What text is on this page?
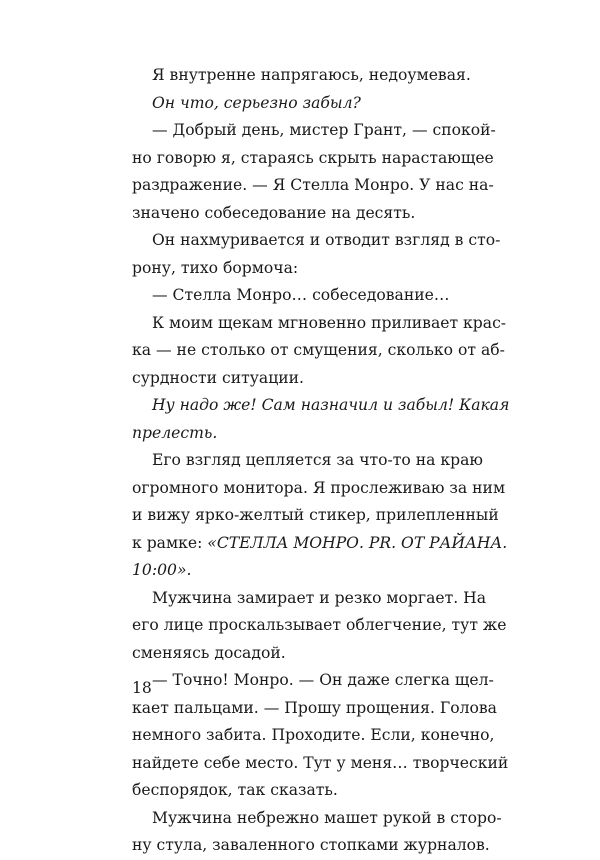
Я внутренне напрягаюсь, недоумевая.
Он что, серьезно забыл?
— Добрый день, мистер Грант, — спокой-
но говорю я, стараясь скрыть нарастающее
раздражение. — Я Стелла Монро. У нас на-
значено собеседование на десять.
Он нахмуривается и отводит взгляд в сто-
рону, тихо бормоча:
— Стелла Монро… собеседование…
К моим щекам мгновенно приливает крас-
ка — не столько от смущения, сколько от аб-
сурдности ситуации.
Ну надо же! Сам назначил и забыл! Какая
прелесть.
Его взгляд цепляется за что-то на краю
огромного монитора. Я прослеживаю за ним
и вижу ярко-желтый стикер, прилепленный
к рамке: «СТЕЛЛА МОНРО. PR. ОТ РАЙАНА.
10:00».
Мужчина замирает и резко моргает. На
его лице проскальзывает облегчение, тут же
сменяясь досадой.
— Точно! Монро. — Он даже слегка щел-
кает пальцами. — Прошу прощения. Голова
немного забита. Проходите. Если, конечно,
найдете себе место. Тут у меня… творческий
беспорядок, так сказать.
Мужчина небрежно машет рукой в сторо-
ну стула, заваленного стопками журналов.
18
